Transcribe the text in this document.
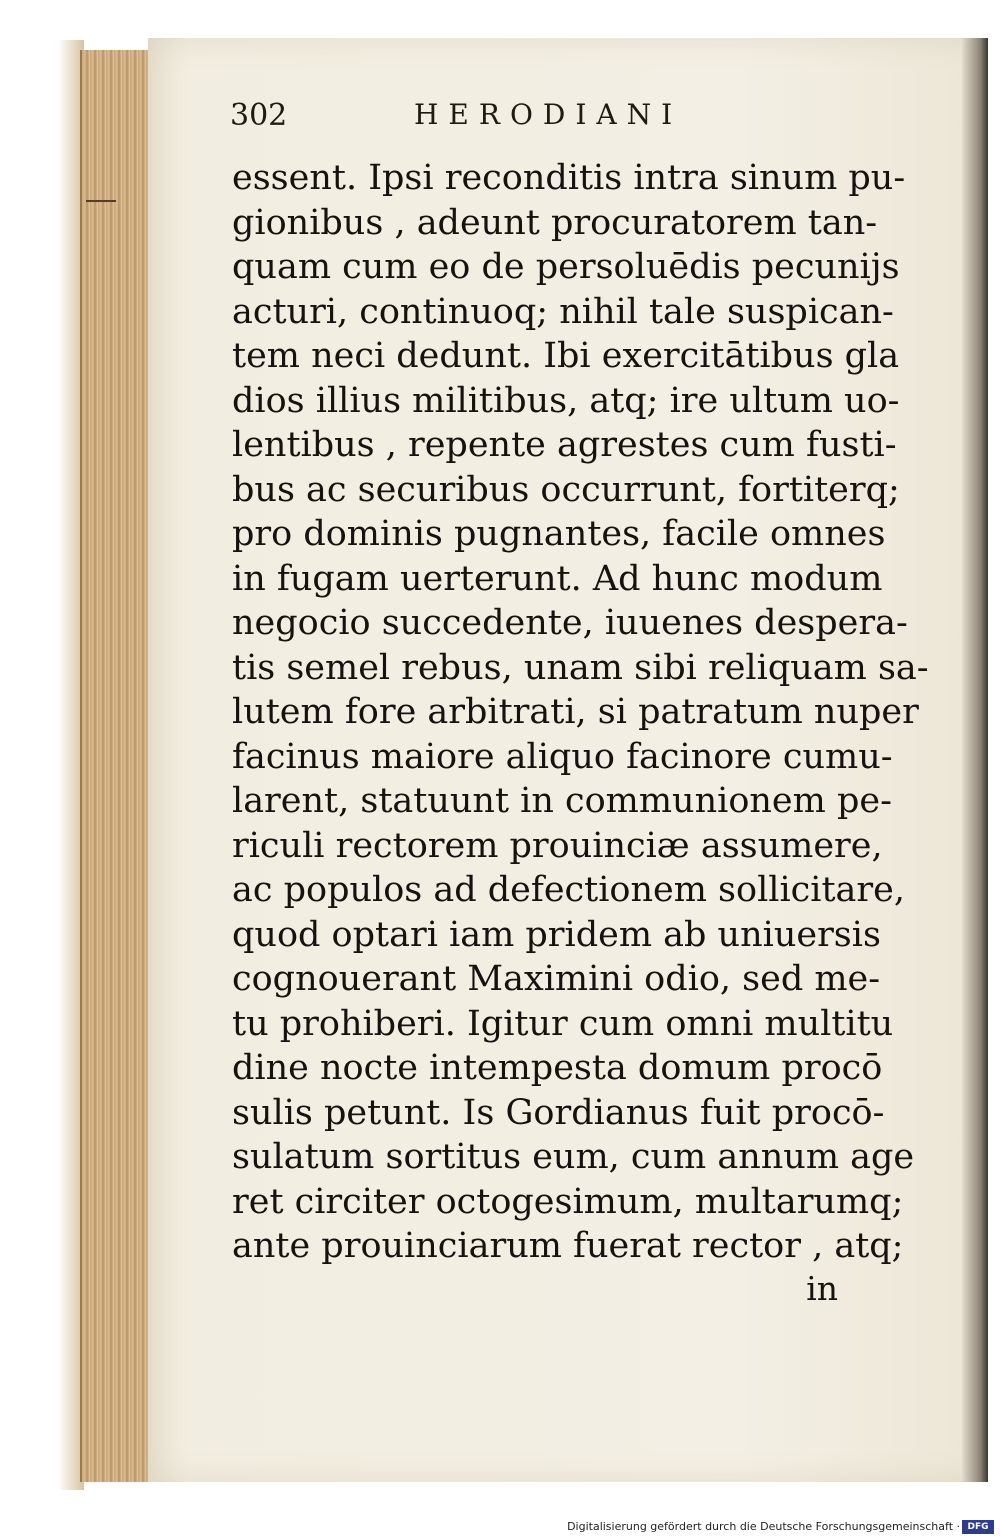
302	HERODIANI
essent. Ipsi reconditis intra sinum pu-
gionibus , adeunt procuratorem tan-
quam cum eo de persoluēdis pecunijs
acturi, continuoq; nihil tale suspican-
tem neci dedunt. Ibi exercitātibus gla
dios illius militibus, atq; ire ultum uo-
lentibus , repente agrestes cum fusti-
bus ac securibus occurrunt, fortiterq;
pro dominis pugnantes, facile omnes
in fugam uerterunt. Ad hunc modum
negocio succedente, iuuenes despera-
tis semel rebus, unam sibi reliquam sa-
lutem fore arbitrati, si patratum nuper
facinus maiore aliquo facinore cumu-
larent, statuunt in communionem pe-
riculi rectorem prouinciæ assumere,
ac populos ad defectionem sollicitare,
quod optari iam pridem ab uniuersis
cognouerant Maximini odio, sed me-
tu prohiberi. Igitur cum omni multitu
dine nocte intempesta domum procō
sulis petunt. Is Gordianus fuit procō-
sulatum sortitus eum, cum annum age
ret circiter octogesimum, multarumq;
ante prouinciarum fuerat rector , atq;
in
Digitalisierung gefördert durch die Deutsche Forschungsgemeinschaft · DFG
